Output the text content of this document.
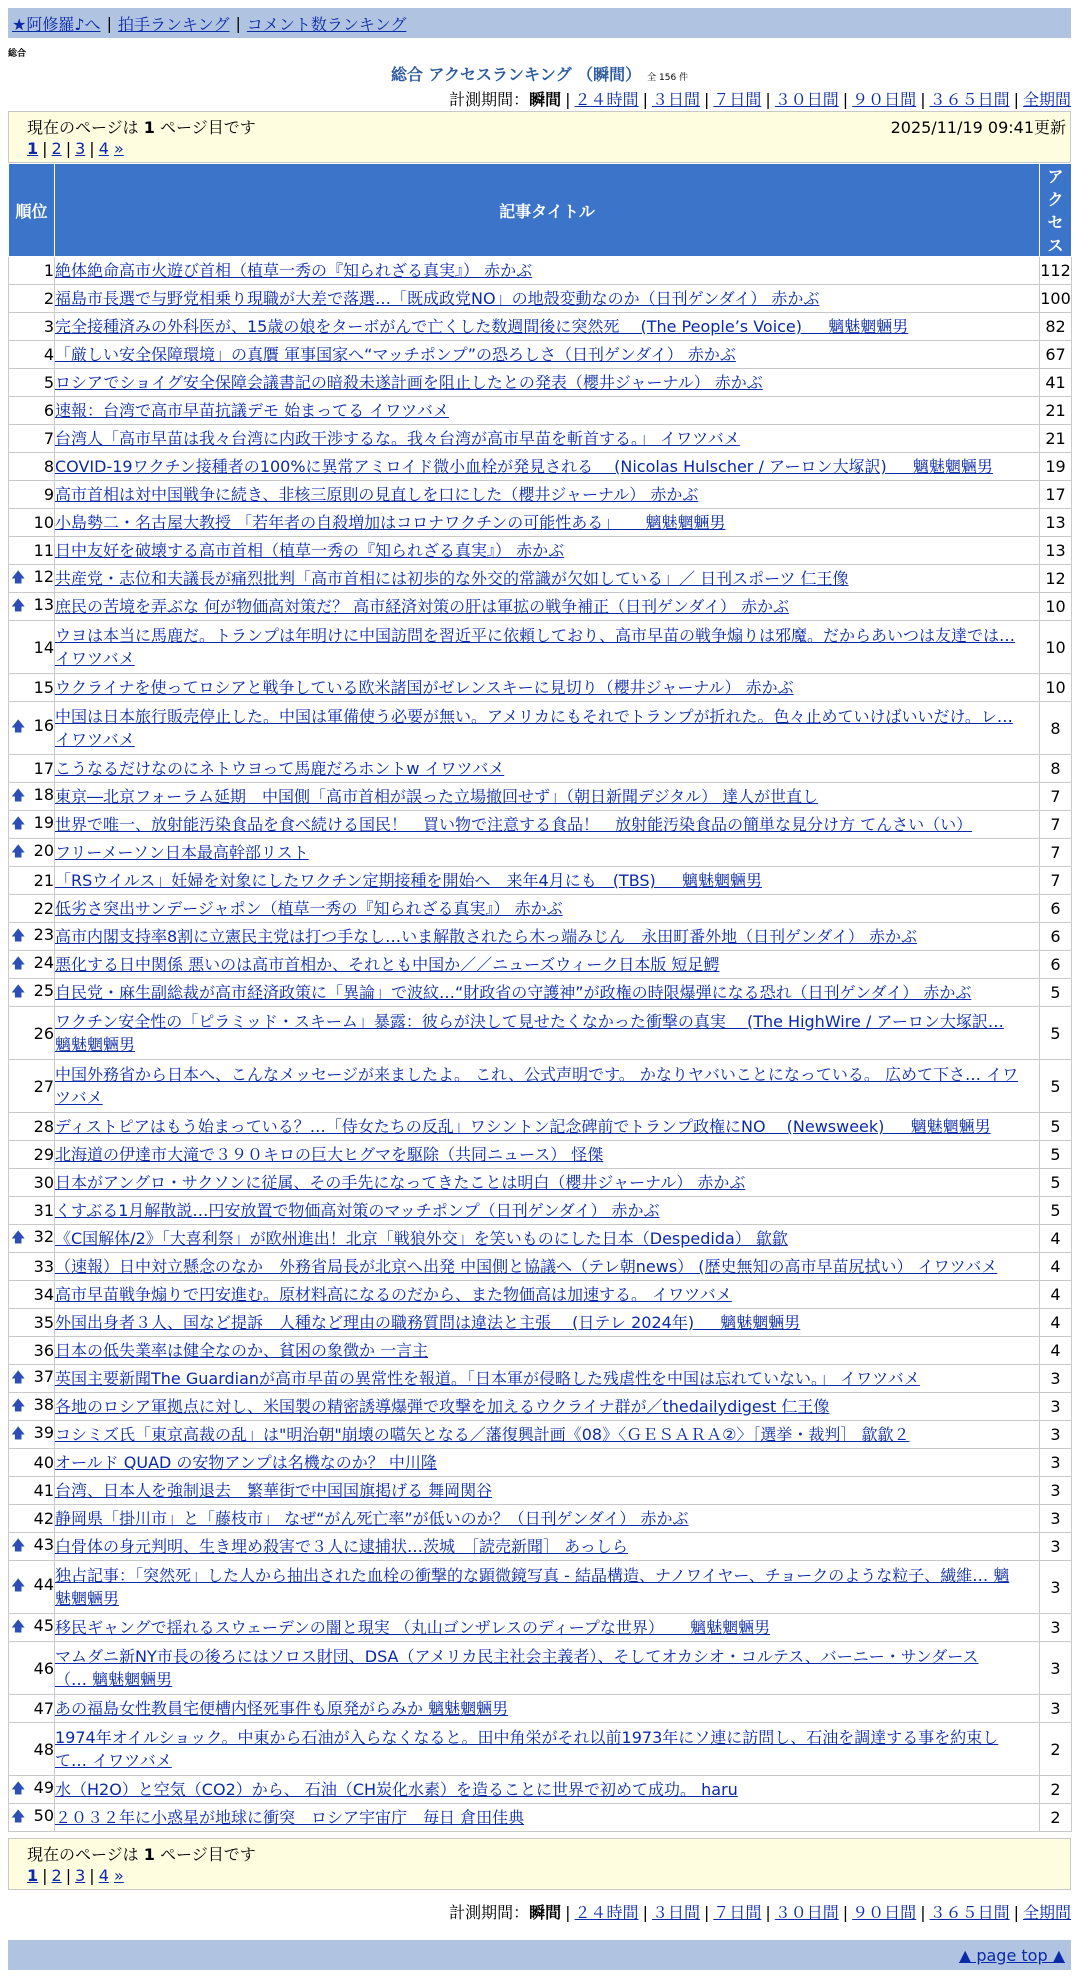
★阿修羅♪へ | 拍手ランキング | コメント数ランキング
総合
総合 アクセスランキング （瞬間） 全 156 件
計測期間：瞬間 | ２４時間 | ３日間 | ７日間 | ３０日間 | ９０日間 | ３６５日間 | 全期間
現在のページは 1 ページ目です	2025/11/19 09:41更新
1 | 2 | 3 | 4 »
順位	記事タイトル	アクセス
1	絶体絶命高市火遊び首相（植草一秀の『知られざる真実』） 赤かぶ	112
2	福島市長選で与野党相乗り現職が大差で落選…「既成政党NO」の地殻変動なのか（日刊ゲンダイ） 赤かぶ	100
3	完全接種済みの外科医が、15歳の娘をターボがんで亡くした数週間後に突然死 　(The People’s Voice) 　 魑魅魍魎男	82
4	「厳しい安全保障環境」の真贋 軍事国家へ“マッチポンプ”の恐ろしさ（日刊ゲンダイ） 赤かぶ	67
5	ロシアでショイグ安全保障会議書記の暗殺未遂計画を阻止したとの発表（櫻井ジャーナル） 赤かぶ	41
6	速報：台湾で高市早苗抗議デモ 始まってる イワツバメ	21
7	台湾人「高市早苗は我々台湾に内政干渉するな。我々台湾が高市早苗を斬首する。」 イワツバメ	21
8	COVID-19ワクチン接種者の100%に異常アミロイド微小血栓が発見される 　(Nicolas Hulscher / アーロン大塚訳) 　 魑魅魍魎男	19
9	高市首相は対中国戦争に続き、非核三原則の見直しを口にした（櫻井ジャーナル） 赤かぶ	17
10	小島勢二・名古屋大教授 「若年者の自殺増加はコロナワクチンの可能性ある」 　 魑魅魍魎男	13
11	日中友好を破壊する高市首相（植草一秀の『知られざる真実』） 赤かぶ	13

🡅 12	共産党・志位和夫議長が痛烈批判「高市首相には初歩的な外交的常識が欠如している」／ 日刊スポーツ 仁王像	12

🡅 13	庶民の苦境を弄ぶな 何が物価高対策だ？ 高市経済対策の肝は軍拡の戦争補正（日刊ゲンダイ） 赤かぶ	10
14	ウヨは本当に馬鹿だ。トランプは年明けに中国訪問を習近平に依頼しており、高市早苗の戦争煽りは邪魔。だからあいつは友達では…
イワツバメ	10
15	ウクライナを使ってロシアと戦争している欧米諸国がゼレンスキーに見切り（櫻井ジャーナル） 赤かぶ	10

🡅 16	中国は日本旅行販売停止した。中国は軍備使う必要が無い。アメリカにもそれでトランプが折れた。色々止めていけばいいだけ。レ…
イワツバメ	8
17	こうなるだけなのにネトウヨって馬鹿だろホントw イワツバメ	8

🡅 18	東京―北京フォーラム延期　中国側「高市首相が誤った立場撤回せず」（朝日新聞デジタル） 達人が世直し	7

🡅 19	世界で唯一、放射能汚染食品を食べ続ける国民！　買い物で注意する食品！　放射能汚染食品の簡単な見分け方 てんさい（い）	7

🡅 20	フリーメーソン日本最高幹部リスト	7
21	「RSウイルス」妊婦を対象にしたワクチン定期接種を開始へ　来年4月にも　(TBS) 　 魑魅魍魎男	7
22	低劣さ突出サンデージャポン（植草一秀の『知られざる真実』） 赤かぶ	6

🡅 23	高市内閣支持率8割に立憲民主党は打つ手なし…いま解散されたら木っ端みじん　永田町番外地（日刊ゲンダイ） 赤かぶ	6

🡅 24	悪化する日中関係 悪いのは高市首相か、それとも中国か／／ニューズウィーク日本版 短足鰐	6

🡅 25	自民党・麻生副総裁が高市経済政策に「異論」で波紋…“財政省の守護神”が政権の時限爆弾になる恐れ（日刊ゲンダイ） 赤かぶ	5
26	ワクチン安全性の「ピラミッド・スキーム」暴露：彼らが決して見せたくなかった衝撃の真実 　(The HighWire / アーロン大塚訳…
魑魅魍魎男	5
27	中国外務省から日本へ、こんなメッセージが来ましたよ。 これ、公式声明です。 かなりヤバいことになっている。 広めて下さ… イワ
ツバメ	5
28	ディストピアはもう始まっている？…「侍女たちの反乱」ワシントン記念碑前でトランプ政権にNO 　(Newsweek) 　 魑魅魍魎男	5
29	北海道の伊達市大滝で３９０キロの巨大ヒグマを駆除（共同ニュース） 怪傑	5
30	日本がアングロ・サクソンに従属、その手先になってきたことは明白（櫻井ジャーナル） 赤かぶ	5
31	くすぶる1月解散説…円安放置で物価高対策のマッチポンプ（日刊ゲンダイ） 赤かぶ	5

🡅 32	《C国解体/2》「大喜利祭」が欧州進出！北京「戦狼外交」を笑いものにした日本（Despedida） 歙歙	4
33	（速報）日中対立懸念のなか　外務省局長が北京へ出発 中国側と協議へ（テレ朝news） (歴史無知の高市早苗尻拭い） イワツバメ	4
34	高市早苗戦争煽りで円安進む。原材料高になるのだから、また物価高は加速する。 イワツバメ	4
35	外国出身者３人、国など提訴　人種など理由の職務質問は違法と主張 　(日テレ 2024年) 　 魑魅魍魎男	4
36	日本の低失業率は健全なのか、貧困の象徴か 一言主	4

🡅 37	英国主要新聞The Guardianが高市早苗の異常性を報道。「日本軍が侵略した残虐性を中国は忘れていない。」 イワツバメ	3

🡅 38	各地のロシア軍拠点に対し、米国製の精密誘導爆弾で攻撃を加えるウクライナ群が／thedailydigest 仁王像	3

🡅 39	コシミズ氏「東京高裁の乱」は"明治朝"崩壊の嚆矢となる／藩復興計画《08》〈ＧＥＳＡＲＡ②〉［選挙・裁判］ 歙歙２	3
40	オールド QUAD の安物アンプは名機なのか？ 中川隆	3
41	台湾、日本人を強制退去　繁華街で中国国旗掲げる 舞岡関谷	3
42	静岡県「掛川市」と「藤枝市」 なぜ“がん死亡率”が低いのか？（日刊ゲンダイ） 赤かぶ	3

🡅 43	白骨体の身元判明、生き埋め殺害で３人に逮捕状…茨城　［読売新聞］ あっしら	3

🡅 44	独占記事：「突然死」した人から抽出された血栓の衝撃的な顕微鏡写真 - 結晶構造、ナノワイヤー、チョークのような粒子、繊維… 魑
魅魍魎男	3

🡅 45	移民ギャングで揺れるスウェーデンの闇と現実 （丸山ゴンザレスのディープな世界） 　 魑魅魍魎男	3
46	マムダニ新NY市長の後ろにはソロス財団、DSA（アメリカ民主社会主義者）、そしてオカシオ・コルテス、バーニー・サンダース
（… 魑魅魍魎男	3
47	あの福島女性教員宅便槽内怪死事件も原発がらみか 魑魅魍魎男	3
48	1974年オイルショック。中東から石油が入らなくなると。田中角栄がそれ以前1973年にソ連に訪問し、石油を調達する事を約束し
て… イワツバメ	2

🡅 49	水（H2O）と空気（CO2）から、 石油（CH炭化水素）を造ることに世界で初めて成功。 haru	2

🡅 50	２０３２年に小惑星が地球に衝突　ロシア宇宙庁　毎日 倉田佳典	2
現在のページは 1 ページ目です
1 | 2 | 3 | 4 »
計測期間：瞬間 | ２４時間 | ３日間 | ７日間 | ３０日間 | ９０日間 | ３６５日間 | 全期間
▲ page top ▲
